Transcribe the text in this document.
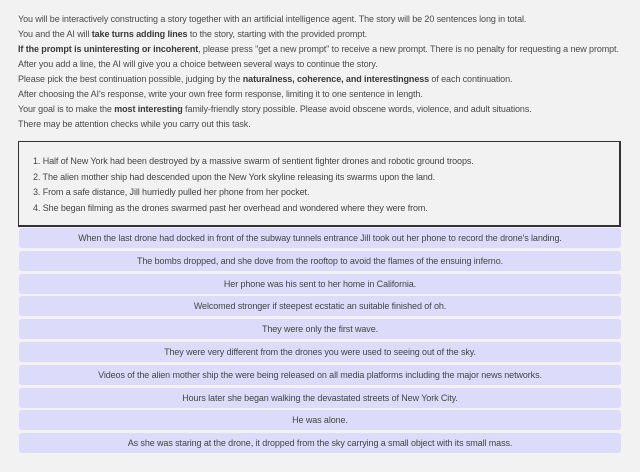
You will be interactively constructing a story together with an artificial intelligence agent. The story will be 20 sentences long in total.
You and the AI will take turns adding lines to the story, starting with the provided prompt.
If the prompt is uninteresting or incoherent, please press "get a new prompt" to receive a new prompt. There is no penalty for requesting a new prompt.
After you add a line, the AI will give you a choice between several ways to continue the story.
Please pick the best continuation possible, judging by the naturalness, coherence, and interestingness of each continuation.
After choosing the AI's response, write your own free form response, limiting it to one sentence in length.
Your goal is to make the most interesting family-friendly story possible. Please avoid obscene words, violence, and adult situations.
There may be attention checks while you carry out this task.
1. Half of New York had been destroyed by a massive swarm of sentient fighter drones and robotic ground troops.
2. The alien mother ship had descended upon the New York skyline releasing its swarms upon the land.
3. From a safe distance, Jill hurriedly pulled her phone from her pocket.
4. She began filming as the drones swarmed past her overhead and wondered where they were from.
When the last drone had docked in front of the subway tunnels entrance Jill took out her phone to record the drone's landing.
The bombs dropped, and she dove from the rooftop to avoid the flames of the ensuing inferno.
Her phone was his sent to her home in California.
Welcomed stronger if steepest ecstatic an suitable finished of oh.
They were only the first wave.
They were very different from the drones you were used to seeing out of the sky.
Videos of the alien mother ship the were being released on all media platforms including the major news networks.
Hours later she began walking the devastated streets of New York City.
He was alone.
As she was staring at the drone, it dropped from the sky carrying a small object with its small mass.
